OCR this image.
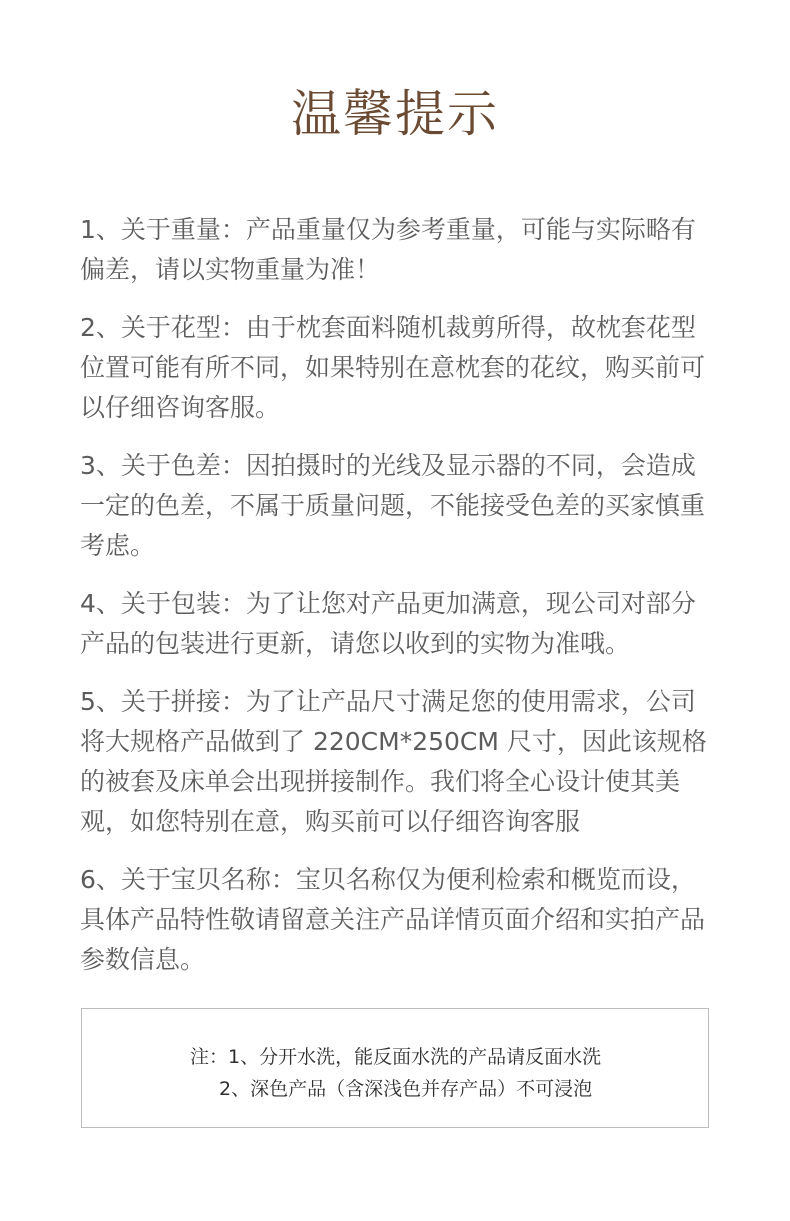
温馨提示
1、关于重量：产品重量仅为参考重量，可能与实际略有偏差，请以实物重量为准！
2、关于花型：由于枕套面料随机裁剪所得，故枕套花型位置可能有所不同，如果特别在意枕套的花纹，购买前可以仔细咨询客服。
3、关于色差：因拍摄时的光线及显示器的不同，会造成一定的色差，不属于质量问题，不能接受色差的买家慎重考虑。
4、关于包装：为了让您对产品更加满意，现公司对部分产品的包装进行更新，请您以收到的实物为准哦。
5、关于拼接：为了让产品尺寸满足您的使用需求，公司将大规格产品做到了 220CM*250CM 尺寸，因此该规格的被套及床单会出现拼接制作。我们将全心设计使其美观，如您特别在意，购买前可以仔细咨询客服
6、关于宝贝名称：宝贝名称仅为便利检索和概览而设，具体产品特性敬请留意关注产品详情页面介绍和实拍产品参数信息。
注：1、分开水洗，能反面水洗的产品请反面水洗
2、深色产品（含深浅色并存产品）不可浸泡
